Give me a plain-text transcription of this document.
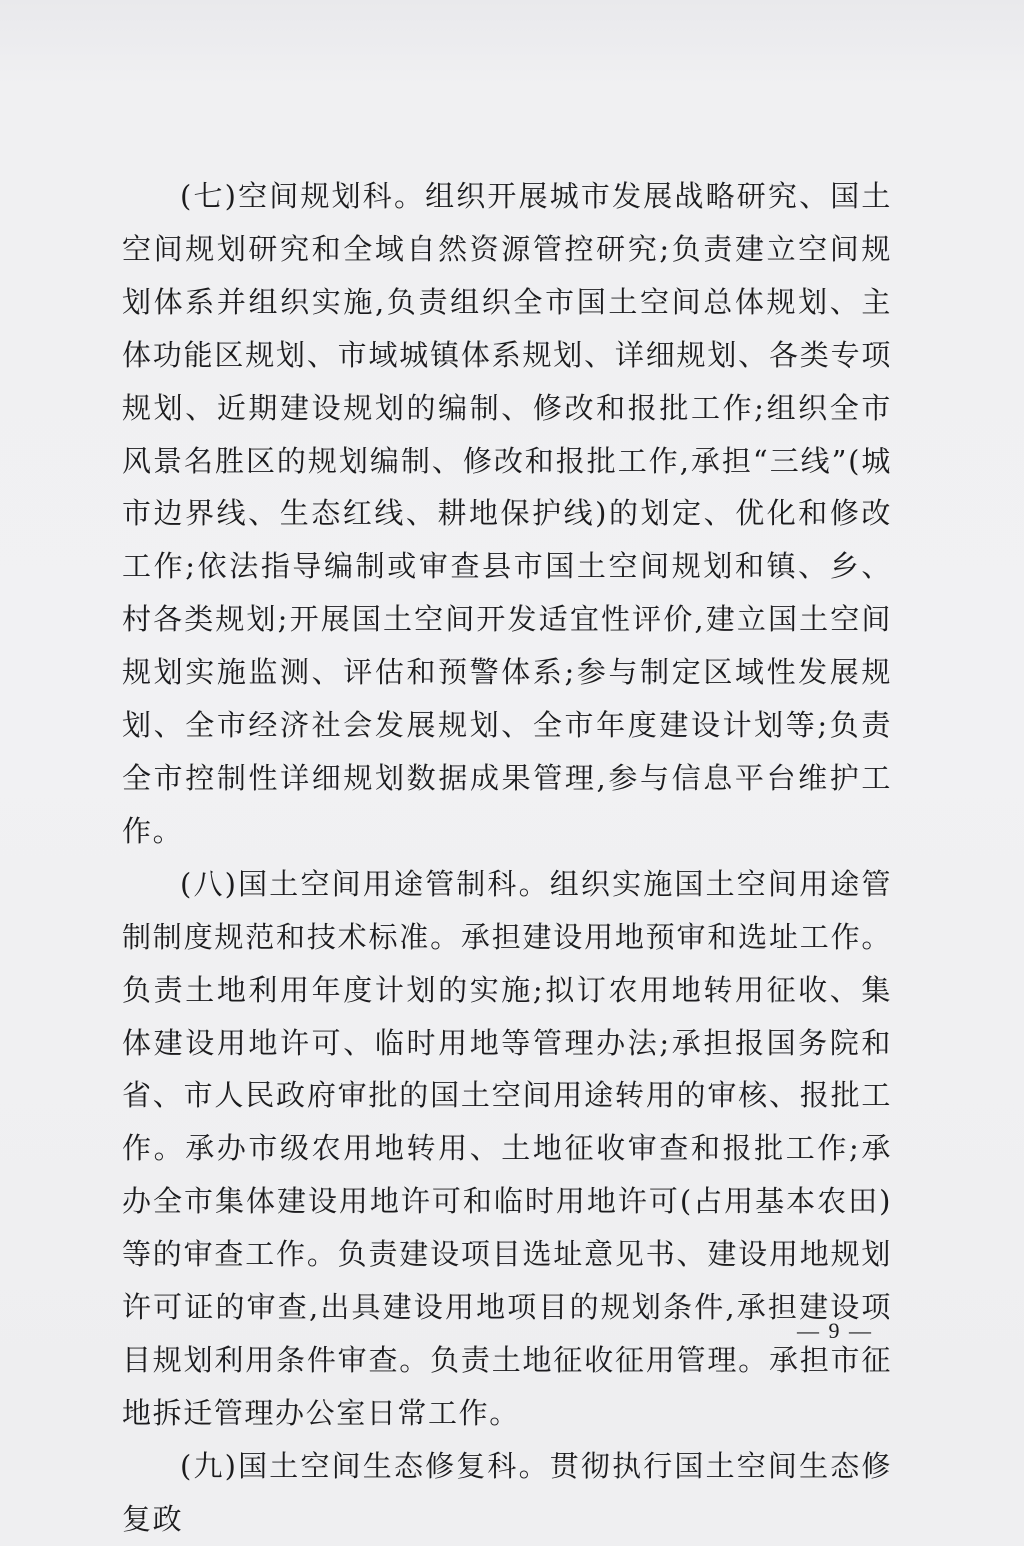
(七)空间规划科。组织开展城市发展战略研究、国土空间规划研究和全域自然资源管控研究;负责建立空间规划体系并组织实施,负责组织全市国土空间总体规划、主体功能区规划、市域城镇体系规划、详细规划、各类专项规划、近期建设规划的编制、修改和报批工作;组织全市风景名胜区的规划编制、修改和报批工作,承担“三线”(城市边界线、生态红线、耕地保护线)的划定、优化和修改工作;依法指导编制或审查县市国土空间规划和镇、乡、村各类规划;开展国土空间开发适宜性评价,建立国土空间规划实施监测、评估和预警体系;参与制定区域性发展规划、全市经济社会发展规划、全市年度建设计划等;负责全市控制性详细规划数据成果管理,参与信息平台维护工作。

(八)国土空间用途管制科。组织实施国土空间用途管制制度规范和技术标准。承担建设用地预审和选址工作。负责土地利用年度计划的实施;拟订农用地转用征收、集体建设用地许可、临时用地等管理办法;承担报国务院和省、市人民政府审批的国土空间用途转用的审核、报批工作。承办市级农用地转用、土地征收审查和报批工作;承办全市集体建设用地许可和临时用地许可(占用基本农田)等的审查工作。负责建设项目选址意见书、建设用地规划许可证的审查,出具建设用地项目的规划条件,承担建设项目规划利用条件审查。负责土地征收征用管理。承担市征地拆迁管理办公室日常工作。

(九)国土空间生态修复科。贯彻执行国土空间生态修复政

— 9 —
